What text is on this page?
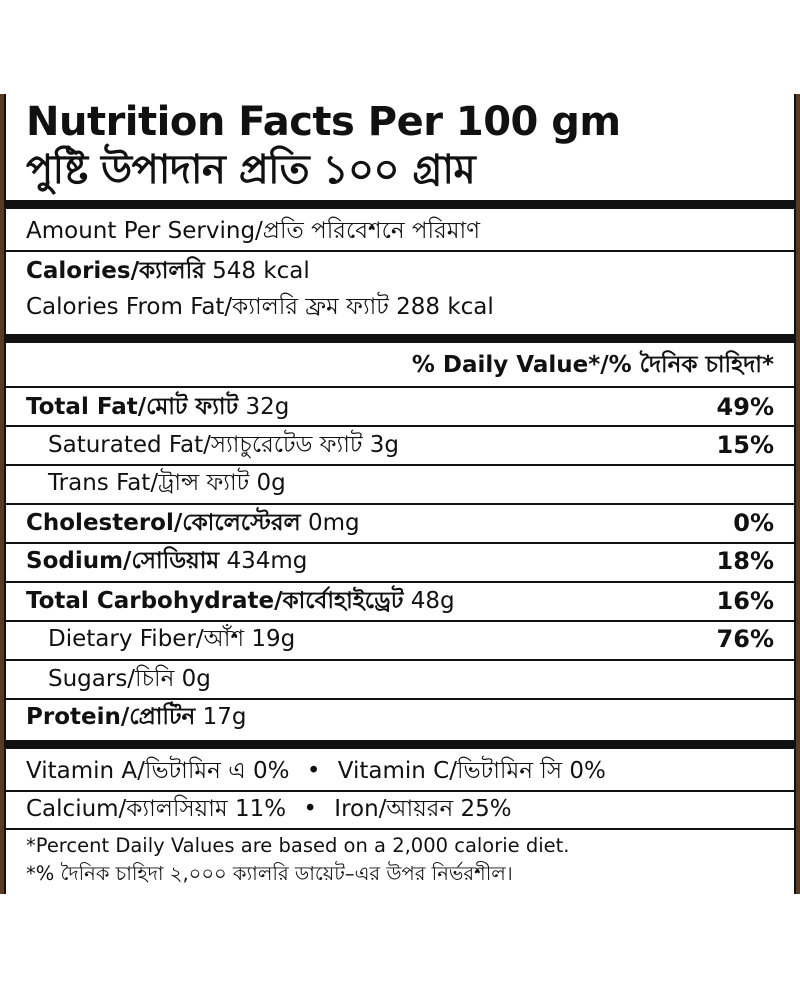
Nutrition Facts Per 100 gm
পুষ্টি উপাদান প্রতি ১০০ গ্রাম
Amount Per Serving/প্রতি পরিবেশনে পরিমাণ
Calories/ক্যালরি 548 kcal
Calories From Fat/ক্যালরি ফ্রম ফ্যাট 288 kcal
% Daily Value*/% দৈনিক চাহিদা*
Total Fat/মোট ফ্যাট 32g	49%
Saturated Fat/স্যাচুরেটেড ফ্যাট 3g	15%
Trans Fat/ট্রান্স ফ্যাট 0g
Cholesterol/কোলেস্টেরল 0mg	0%
Sodium/সোডিয়াম 434mg	18%
Total Carbohydrate/কার্বোহাইড্রেট 48g	16%
Dietary Fiber/আঁশ 19g	76%
Sugars/চিনি 0g
Protein/প্রোটিন 17g
Vitamin A/ভিটামিন এ 0% • Vitamin C/ভিটামিন সি 0%
Calcium/ক্যালসিয়াম 11% • Iron/আয়রন 25%
*Percent Daily Values are based on a 2,000 calorie diet.
*% দৈনিক চাহিদা ২,০০০ ক্যালরি ডায়েট–এর উপর নির্ভরশীল।
